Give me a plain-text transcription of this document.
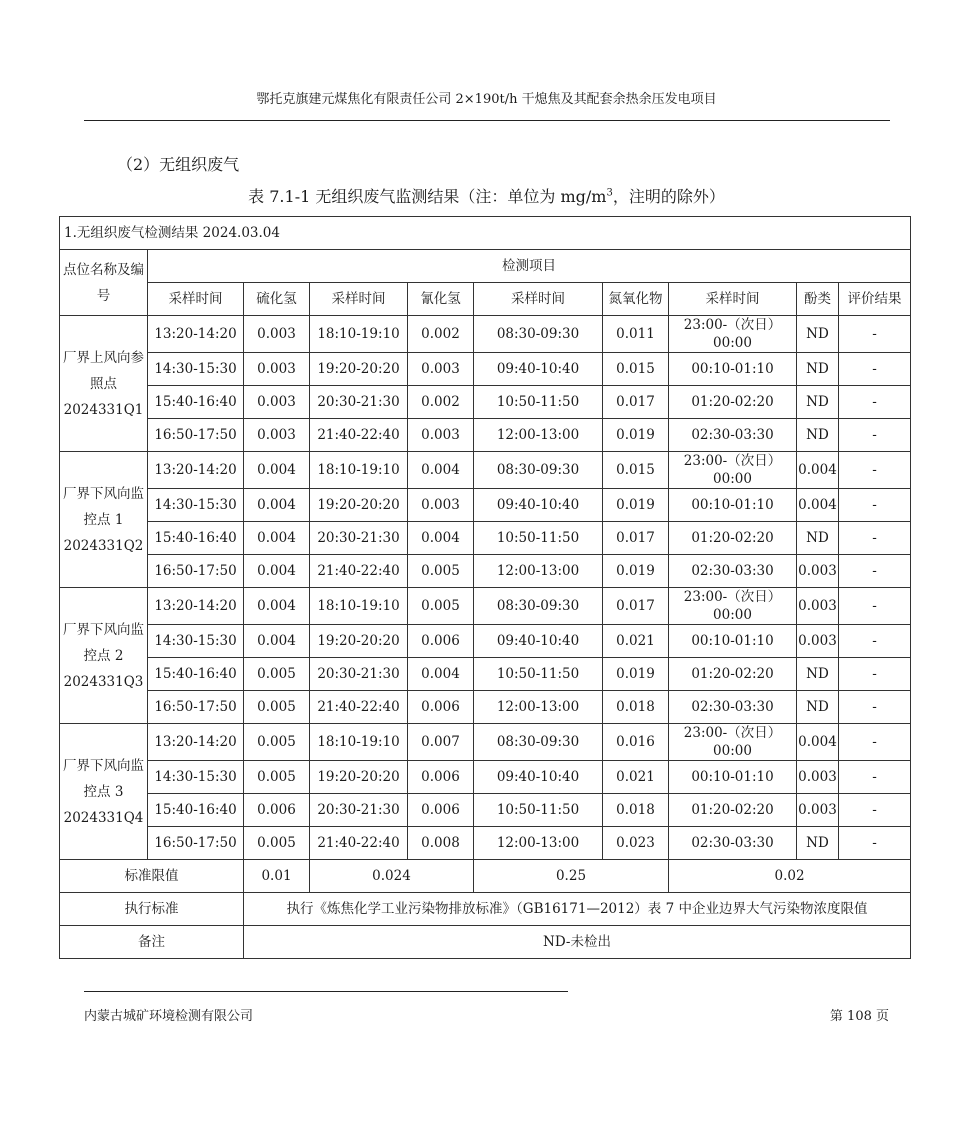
鄂托克旗建元煤焦化有限责任公司 2×190t/h 干熄焦及其配套余热余压发电项目
（2）无组织废气
表 7.1-1 无组织废气监测结果（注：单位为 $mg/m^3$，注明的除外）
1.无组织废气检测结果 2024.03.04									
点位名称及编号	检测项目								
	采样时间	硫化氢	采样时间	氰化氢	采样时间	氮氧化物	采样时间	酚类	评价结果

厂界上风向参照点
2024331Q1	13:20-14:20	0.003	18:10-19:10	0.002	08:30-09:30	0.011	23:00-（次日）00:00	ND	-
	14:30-15:30	0.003	19:20-20:20	0.003	09:40-10:40	0.015	00:10-01:10	ND	-
	15:40-16:40	0.003	20:30-21:30	0.002	10:50-11:50	0.017	01:20-02:20	ND	-
	16:50-17:50	0.003	21:40-22:40	0.003	12:00-13:00	0.019	02:30-03:30	ND	-

厂界下风向监控点 1
2024331Q2	13:20-14:20	0.004	18:10-19:10	0.004	08:30-09:30	0.015	23:00-（次日）00:00	0.004	-
	14:30-15:30	0.004	19:20-20:20	0.003	09:40-10:40	0.019	00:10-01:10	0.004	-
	15:40-16:40	0.004	20:30-21:30	0.004	10:50-11:50	0.017	01:20-02:20	ND	-
	16:50-17:50	0.004	21:40-22:40	0.005	12:00-13:00	0.019	02:30-03:30	0.003	-

厂界下风向监控点 2
2024331Q3	13:20-14:20	0.004	18:10-19:10	0.005	08:30-09:30	0.017	23:00-（次日）00:00	0.003	-
	14:30-15:30	0.004	19:20-20:20	0.006	09:40-10:40	0.021	00:10-01:10	0.003	-
	15:40-16:40	0.005	20:30-21:30	0.004	10:50-11:50	0.019	01:20-02:20	ND	-
	16:50-17:50	0.005	21:40-22:40	0.006	12:00-13:00	0.018	02:30-03:30	ND	-

厂界下风向监控点 3
2024331Q4	13:20-14:20	0.005	18:10-19:10	0.007	08:30-09:30	0.016	23:00-（次日）00:00	0.004	-
	14:30-15:30	0.005	19:20-20:20	0.006	09:40-10:40	0.021	00:10-01:10	0.003	-
	15:40-16:40	0.006	20:30-21:30	0.006	10:50-11:50	0.018	01:20-02:20	0.003	-
	16:50-17:50	0.005	21:40-22:40	0.008	12:00-13:00	0.023	02:30-03:30	ND	-
标准限值		0.01	0.024		0.25		0.02		
执行标准		执行《炼焦化学工业污染物排放标准》（GB16171—2012）表 7 中企业边界大气污染物浓度限值							
备注		ND-未检出							
内蒙古城矿环境检测有限公司	第 108 页
